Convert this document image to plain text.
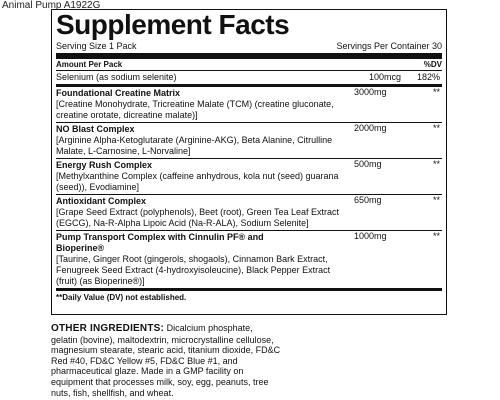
Animal Pump A1922G
Supplement Facts
Serving Size 1 Pack	Servings Per Container 30
Amount Per Pack	%DV
Selenium (as sodium selenite)	100mcg 182%
Foundational Creatine Matrix	3000mg	**
[Creatine Monohydrate, Tricreatine Malate (TCM) (creatine gluconate, creatine orotate, dicreatine malate)]
NO Blast Complex	2000mg	**
[Arginine Alpha-Ketoglutarate (Arginine-AKG), Beta Alanine, Citrulline Malate, L-Carnosine, L-Norvaline]
Energy Rush Complex	500mg	**
[Methylxanthine Complex (caffeine anhydrous, kola nut (seed) guarana (seed)), Evodiamine]
Antioxidant Complex	650mg	**
[Grape Seed Extract (polyphenols), Beet (root), Green Tea Leaf Extract (EGCG), Na-R-Alpha Lipoic Acid (Na-R-ALA), Sodium Selenite]
Pump Transport Complex with Cinnulin PF® and Bioperine®
1000mg	**
[Taurine, Ginger Root (gingerols, shogaols), Cinnamon Bark Extract, Fenugreek Seed Extract (4-hydroxyisoleucine), Black Pepper Extract (fruit) (as Bioperine®)]
**Daily Value (DV) not established.
OTHER INGREDIENTS: Dicalcium phosphate, gelatin (bovine), maltodextrin, microcrystalline cellulose, magnesium stearate, stearic acid, titanium dioxide, FD&C Red #40, FD&C Yellow #5, FD&C Blue #1, and pharmaceutical glaze. Made in a GMP facility on equipment that processes milk, soy, egg, peanuts, tree nuts, fish, shellfish, and wheat.
